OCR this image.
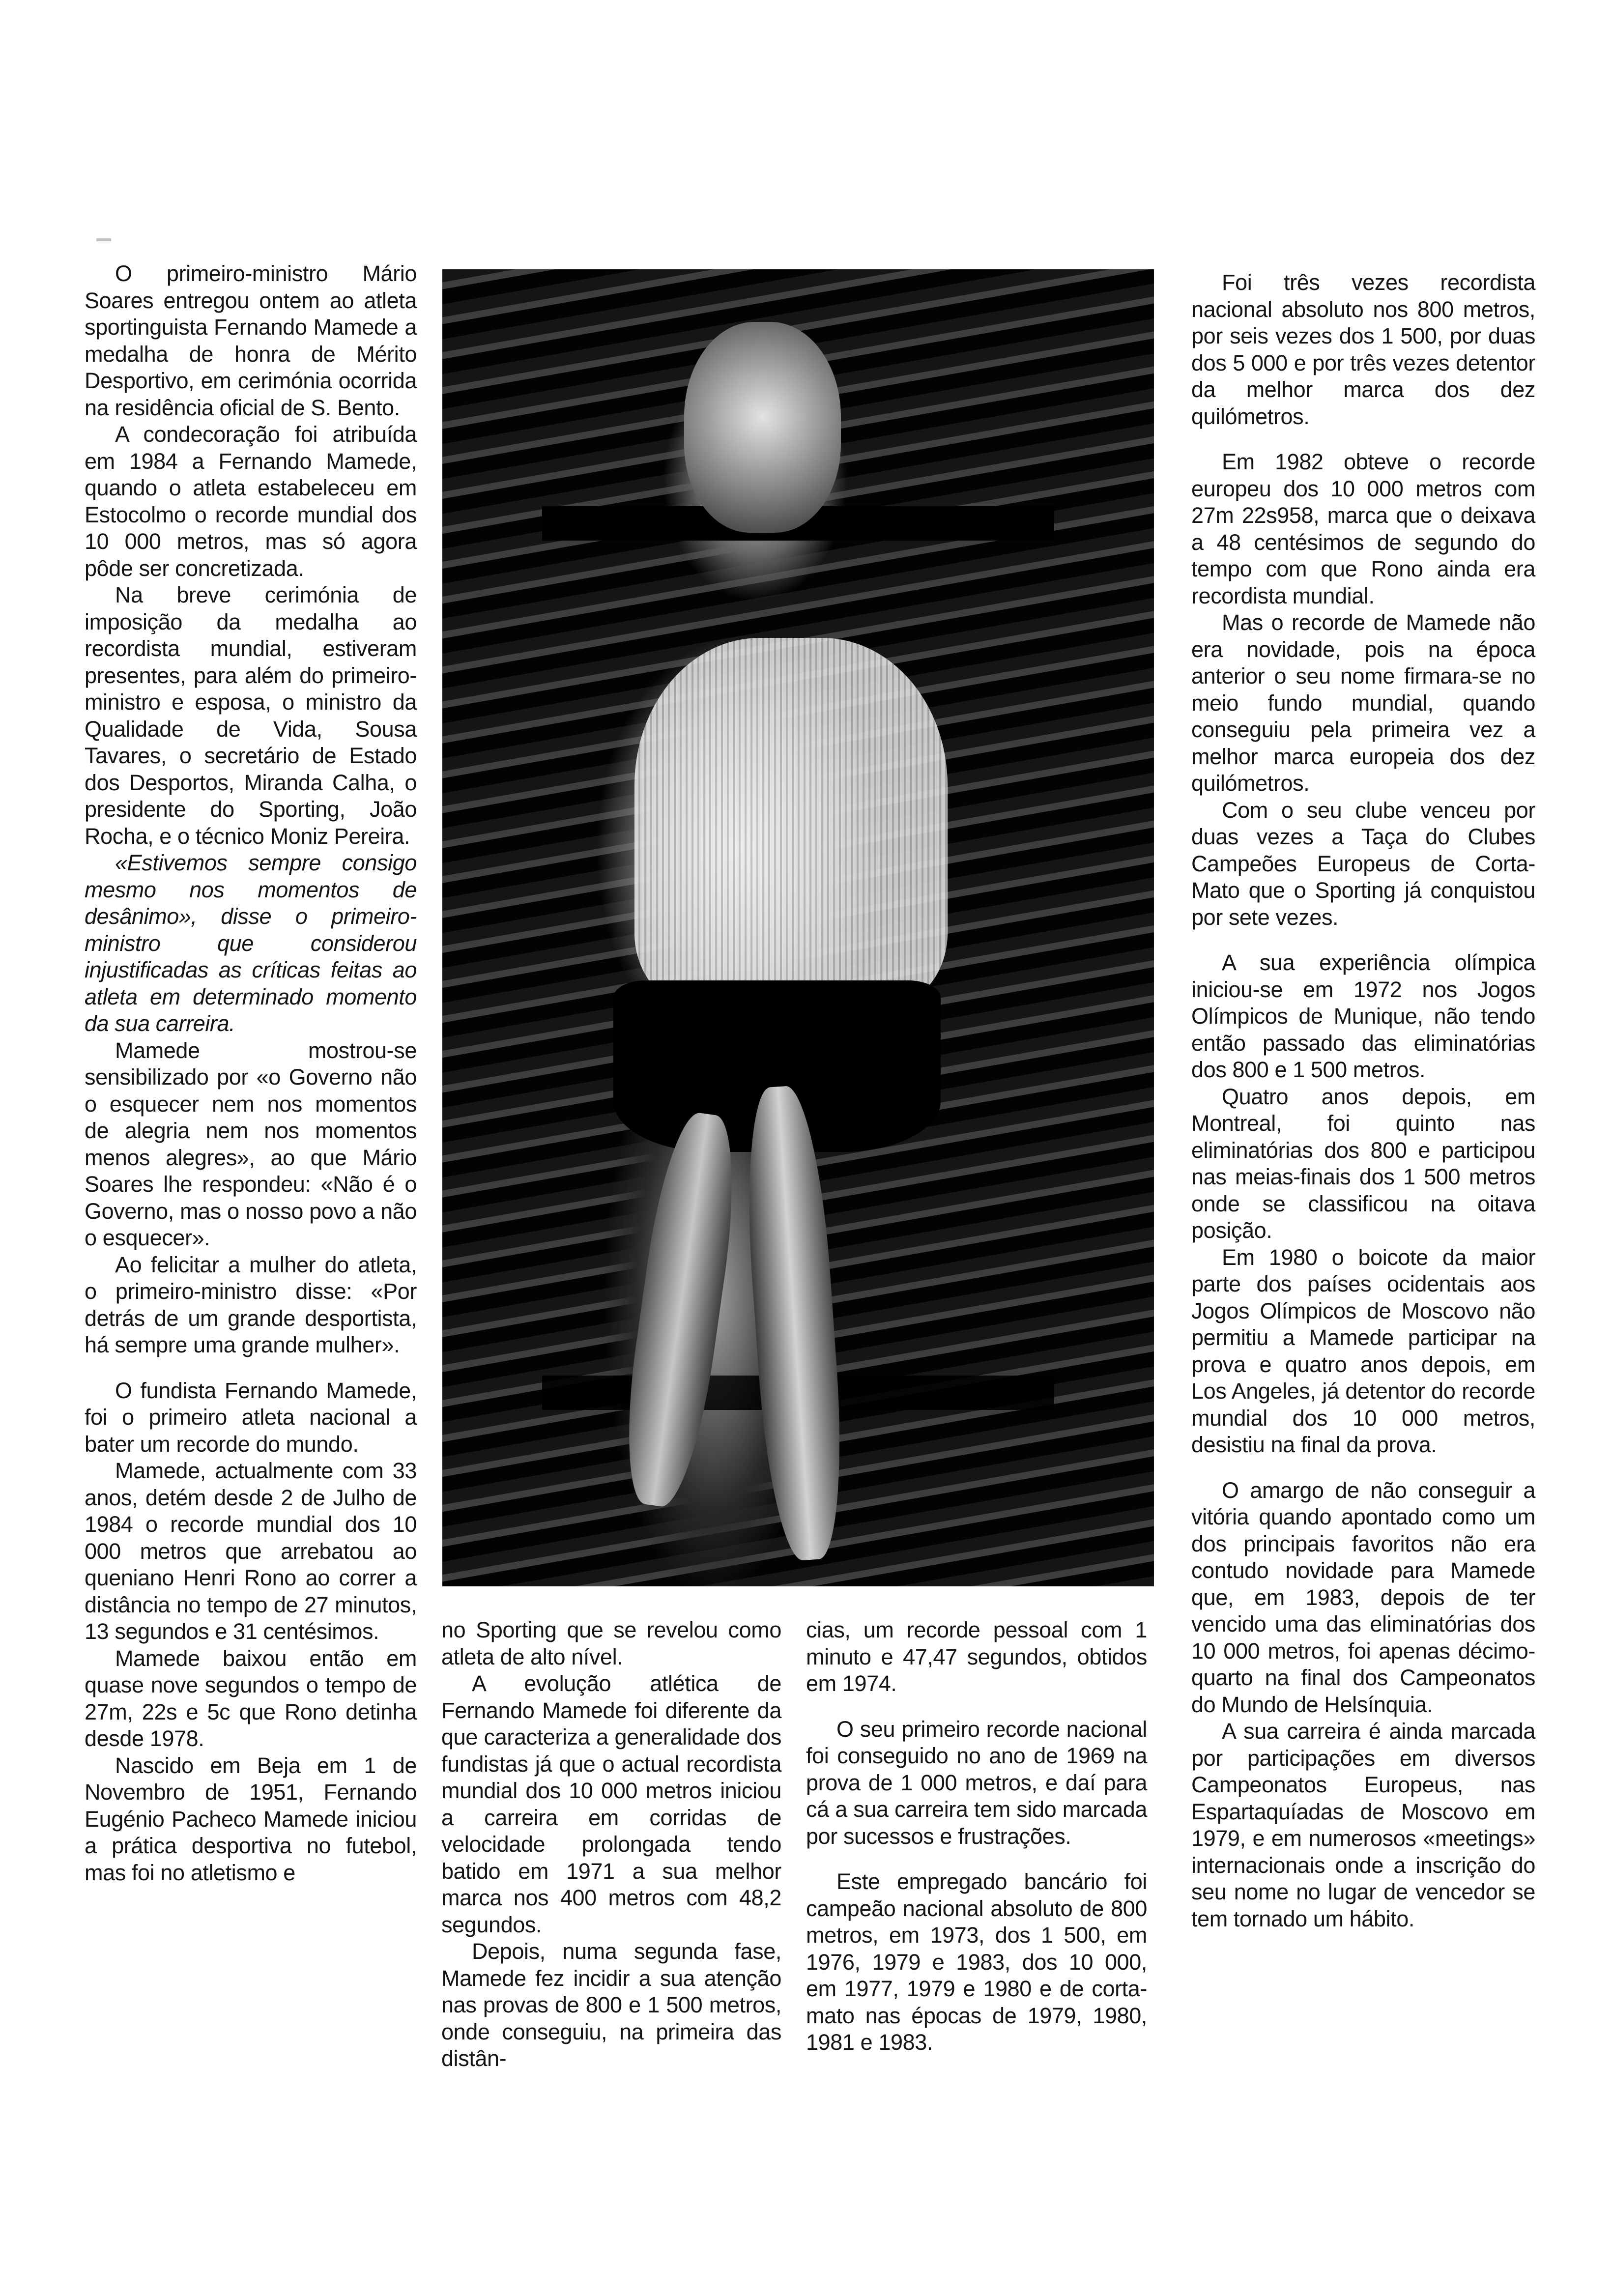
O primeiro-ministro Mário Soares entregou ontem ao atleta sportinguista Fernando Mamede a medalha de honra de Mérito Desportivo, em cerimónia ocorrida na residência oficial de S. Bento.

A condecoração foi atribuída em 1984 a Fernando Mamede, quando o atleta estabeleceu em Estocolmo o recorde mundial dos 10 000 metros, mas só agora pôde ser concretizada.

Na breve cerimónia de imposição da medalha ao recordista mundial, estiveram presentes, para além do primeiro-ministro e esposa, o ministro da Qualidade de Vida, Sousa Tavares, o secretário de Estado dos Desportos, Miranda Calha, o presidente do Sporting, João Rocha, e o técnico Moniz Pereira.

«Estivemos sempre consigo mesmo nos momentos de desânimo», disse o primeiro-ministro que considerou injustificadas as críticas feitas ao atleta em determinado momento da sua carreira.

Mamede mostrou-se sensibilizado por «o Governo não o esquecer nem nos momentos de alegria nem nos momentos menos alegres», ao que Mário Soares lhe respondeu: «Não é o Governo, mas o nosso povo a não o esquecer».

Ao felicitar a mulher do atleta, o primeiro-ministro disse: «Por detrás de um grande desportista, há sempre uma grande mulher».

O fundista Fernando Mamede, foi o primeiro atleta nacional a bater um recorde do mundo.

Mamede, actualmente com 33 anos, detém desde 2 de Julho de 1984 o recorde mundial dos 10 000 metros que arrebatou ao queniano Henri Rono ao correr a distância no tempo de 27 minutos, 13 segundos e 31 centésimos.

Mamede baixou então em quase nove segundos o tempo de 27m, 22s e 5c que Rono detinha desde 1978.

Nascido em Beja em 1 de Novembro de 1951, Fernando Eugénio Pacheco Mamede iniciou a prática desportiva no futebol, mas foi no atletismo e

no Sporting que se revelou como atleta de alto nível.

A evolução atlética de Fernando Mamede foi diferente da que caracteriza a generalidade dos fundistas já que o actual recordista mundial dos 10 000 metros iniciou a carreira em corridas de velocidade prolongada tendo batido em 1971 a sua melhor marca nos 400 metros com 48,2 segundos.

Depois, numa segunda fase, Mamede fez incidir a sua atenção nas provas de 800 e 1 500 metros, onde conseguiu, na primeira das distân-

cias, um recorde pessoal com 1 minuto e 47,47 segundos, obtidos em 1974.

O seu primeiro recorde nacional foi conseguido no ano de 1969 na prova de 1 000 metros, e daí para cá a sua carreira tem sido marcada por sucessos e frustrações.

Este empregado bancário foi campeão nacional absoluto de 800 metros, em 1973, dos 1 500, em 1976, 1979 e 1983, dos 10 000, em 1977, 1979 e 1980 e de corta-mato nas épocas de 1979, 1980, 1981 e 1983.

Foi três vezes recordista nacional absoluto nos 800 metros, por seis vezes dos 1 500, por duas dos 5 000 e por três vezes detentor da melhor marca dos dez quilómetros.

Em 1982 obteve o recorde europeu dos 10 000 metros com 27m 22s958, marca que o deixava a 48 centésimos de segundo do tempo com que Rono ainda era recordista mundial.

Mas o recorde de Mamede não era novidade, pois na época anterior o seu nome firmara-se no meio fundo mundial, quando conseguiu pela primeira vez a melhor marca europeia dos dez quilómetros.

Com o seu clube venceu por duas vezes a Taça do Clubes Campeões Europeus de Corta-Mato que o Sporting já conquistou por sete vezes.

A sua experiência olímpica iniciou-se em 1972 nos Jogos Olímpicos de Munique, não tendo então passado das eliminatórias dos 800 e 1 500 metros.

Quatro anos depois, em Montreal, foi quinto nas eliminatórias dos 800 e participou nas meias-finais dos 1 500 metros onde se classificou na oitava posição.

Em 1980 o boicote da maior parte dos países ocidentais aos Jogos Olímpicos de Moscovo não permitiu a Mamede participar na prova e quatro anos depois, em Los Angeles, já detentor do recorde mundial dos 10 000 metros, desistiu na final da prova.

O amargo de não conseguir a vitória quando apontado como um dos principais favoritos não era contudo novidade para Mamede que, em 1983, depois de ter vencido uma das eliminatórias dos 10 000 metros, foi apenas décimo-quarto na final dos Campeonatos do Mundo de Helsínquia.

A sua carreira é ainda marcada por participações em diversos Campeonatos Europeus, nas Espartaquíadas de Moscovo em 1979, e em numerosos «meetings» internacionais onde a inscrição do seu nome no lugar de vencedor se tem tornado um hábito.
